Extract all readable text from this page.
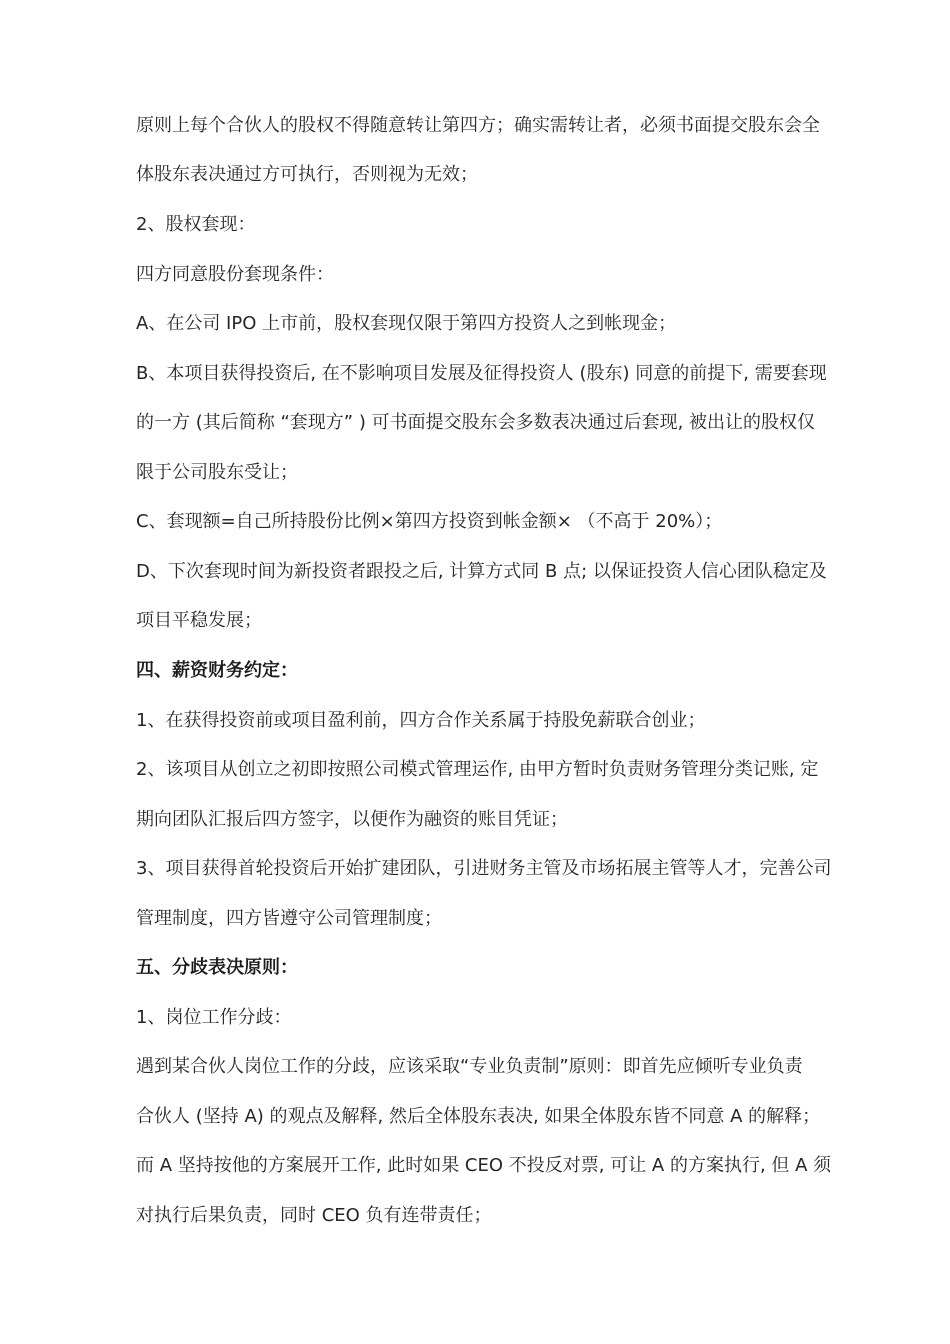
原则上每个合伙人的股权不得随意转让第四方；确实需转让者，必须书面提交股东会全
体股东表决通过方可执行，否则视为无效；
2、股权套现：
四方同意股份套现条件：
A、在公司 IPO 上市前，股权套现仅限于第四方投资人之到帐现金；
B、本项目获得投资后, 在不影响项目发展及征得投资人 (股东) 同意的前提下, 需要套现
的一方 (其后简称 “套现方” ) 可书面提交股东会多数表决通过后套现, 被出让的股权仅
限于公司股东受让；
C、套现额=自己所持股份比例×第四方投资到帐金额× （不高于 20%）；
D、下次套现时间为新投资者跟投之后, 计算方式同 B 点; 以保证投资人信心团队稳定及
项目平稳发展；
四、薪资财务约定：
1、在获得投资前或项目盈利前，四方合作关系属于持股免薪联合创业；
2、该项目从创立之初即按照公司模式管理运作, 由甲方暂时负责财务管理分类记账, 定
期向团队汇报后四方签字，以便作为融资的账目凭证；
3、项目获得首轮投资后开始扩建团队，引进财务主管及市场拓展主管等人才，完善公司
管理制度，四方皆遵守公司管理制度；
五、分歧表决原则：
1、岗位工作分歧：
遇到某合伙人岗位工作的分歧，应该采取“专业负责制”原则：即首先应倾听专业负责
合伙人 (坚持 A) 的观点及解释, 然后全体股东表决, 如果全体股东皆不同意 A 的解释；
而 A 坚持按他的方案展开工作, 此时如果 CEO 不投反对票, 可让 A 的方案执行, 但 A 须
对执行后果负责，同时 CEO 负有连带责任；
